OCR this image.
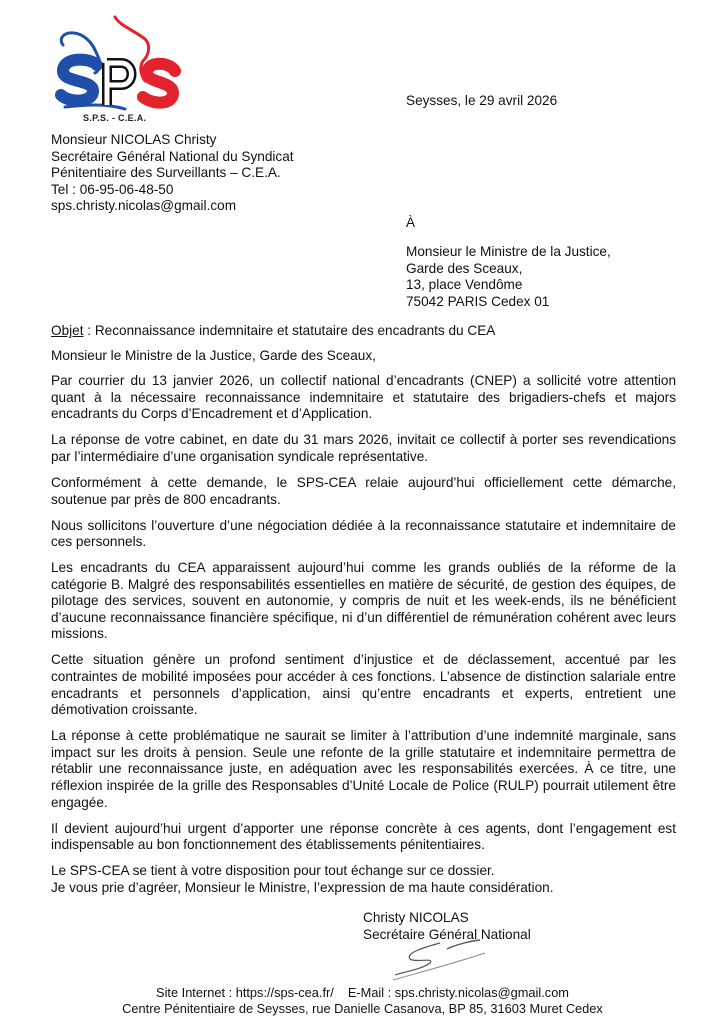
S.P.S. - C.E.A.
Monsieur NICOLAS Christy
Secrétaire Général National du Syndicat
Pénitentiaire des Surveillants – C.E.A.
Tel : 06-95-06-48-50
sps.christy.nicolas@gmail.com
Seysses, le 29 avril 2026
À
Monsieur le Ministre de la Justice,
Garde des Sceaux,
13, place Vendôme
75042 PARIS Cedex 01
Objet : Reconnaissance indemnitaire et statutaire des encadrants du CEA
Monsieur le Ministre de la Justice, Garde des Sceaux,

Par courrier du 13 janvier 2026, un collectif national d’encadrants (CNEP) a sollicité votre attention quant à la nécessaire reconnaissance indemnitaire et statutaire des brigadiers-chefs et majors encadrants du Corps d’Encadrement et d’Application.

La réponse de votre cabinet, en date du 31 mars 2026, invitait ce collectif à porter ses revendications par l’intermédiaire d’une organisation syndicale représentative.

Conformément à cette demande, le SPS-CEA relaie aujourd’hui officiellement cette démarche, soutenue par près de 800 encadrants.

Nous sollicitons l’ouverture d’une négociation dédiée à la reconnaissance statutaire et indemnitaire de ces personnels.

Les encadrants du CEA apparaissent aujourd’hui comme les grands oubliés de la réforme de la catégorie B. Malgré des responsabilités essentielles en matière de sécurité, de gestion des équipes, de pilotage des services, souvent en autonomie, y compris de nuit et les week-ends, ils ne bénéficient d’aucune reconnaissance financière spécifique, ni d’un différentiel de rémunération cohérent avec leurs missions.

Cette situation génère un profond sentiment d’injustice et de déclassement, accentué par les contraintes de mobilité imposées pour accéder à ces fonctions. L’absence de distinction salariale entre encadrants et personnels d’application, ainsi qu’entre encadrants et experts, entretient une démotivation croissante.

La réponse à cette problématique ne saurait se limiter à l’attribution d’une indemnité marginale, sans impact sur les droits à pension. Seule une refonte de la grille statutaire et indemnitaire permettra de rétablir une reconnaissance juste, en adéquation avec les responsabilités exercées. À ce titre, une réflexion inspirée de la grille des Responsables d’Unité Locale de Police (RULP) pourrait utilement être engagée.

Il devient aujourd’hui urgent d’apporter une réponse concrète à ces agents, dont l’engagement est indispensable au bon fonctionnement des établissements pénitentiaires.

Le SPS-CEA se tient à votre disposition pour tout échange sur ce dossier.
Je vous prie d’agréer, Monsieur le Ministre, l’expression de ma haute considération.
Christy NICOLAS
Secrétaire Général National
Site Internet : https://sps-cea.fr/ E-Mail : sps.christy.nicolas@gmail.com
Centre Pénitentiaire de Seysses, rue Danielle Casanova, BP 85, 31603 Muret Cedex
